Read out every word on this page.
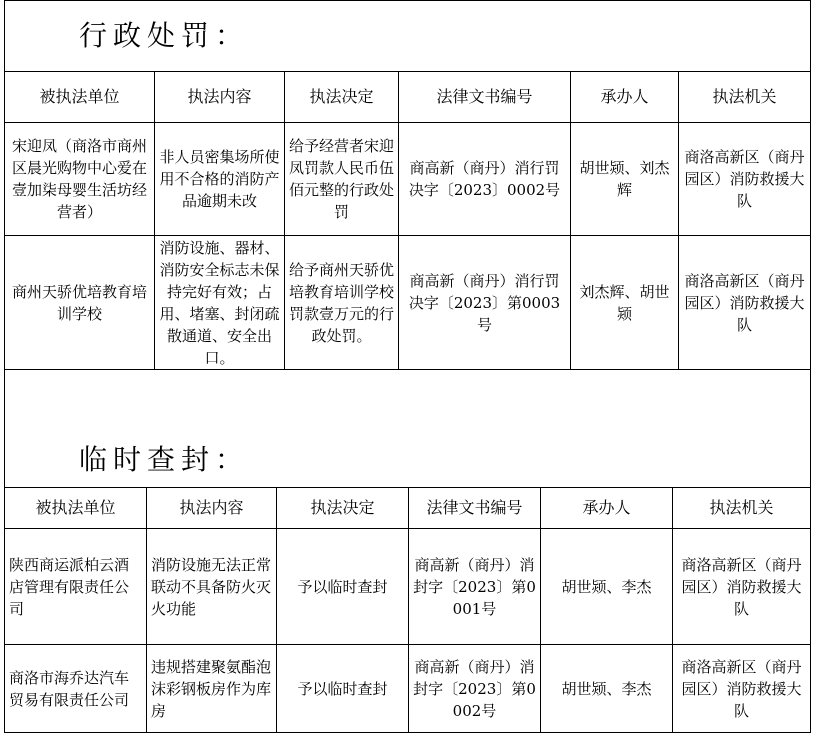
行政处罚：					

被执法单位	执法内容	执法决定	法律文书编号	承办人	执法机关
宋迎凤（商洛市商州区晨光购物中心爱在壹加柒母婴生活坊经营者）	非人员密集场所使用不合格的消防产品逾期未改	给予经营者宋迎凤罚款人民币伍佰元整的行政处罚	商高新（商丹）消行罚决字〔2023〕0002号	胡世颎、刘杰辉	商洛高新区（商丹园区）消防救援大队
商州天骄优培教育培训学校	消防设施、器材、消防安全标志未保持完好有效；占用、堵塞、封闭疏散通道、安全出口。	给予商州天骄优培教育培训学校罚款壹万元的行政处罚。	商高新（商丹）消行罚决字〔2023〕第0003号	刘杰辉、胡世颎	商洛高新区（商丹园区）消防救援大队

临时查封：					
被执法单位	执法内容	执法决定	法律文书编号	承办人	执法机关
陕西商运派柏云酒店管理有限责任公司	消防设施无法正常联动不具备防火灭火功能	予以临时查封	商高新（商丹）消封字〔2023〕第0001号	胡世颎、李杰	商洛高新区（商丹园区）消防救援大队
商洛市海乔达汽车贸易有限责任公司	违规搭建聚氨酯泡沫彩钢板房作为库房	予以临时查封	商高新（商丹）消封字〔2023〕第0002号	胡世颎、李杰	商洛高新区（商丹园区）消防救援大队
